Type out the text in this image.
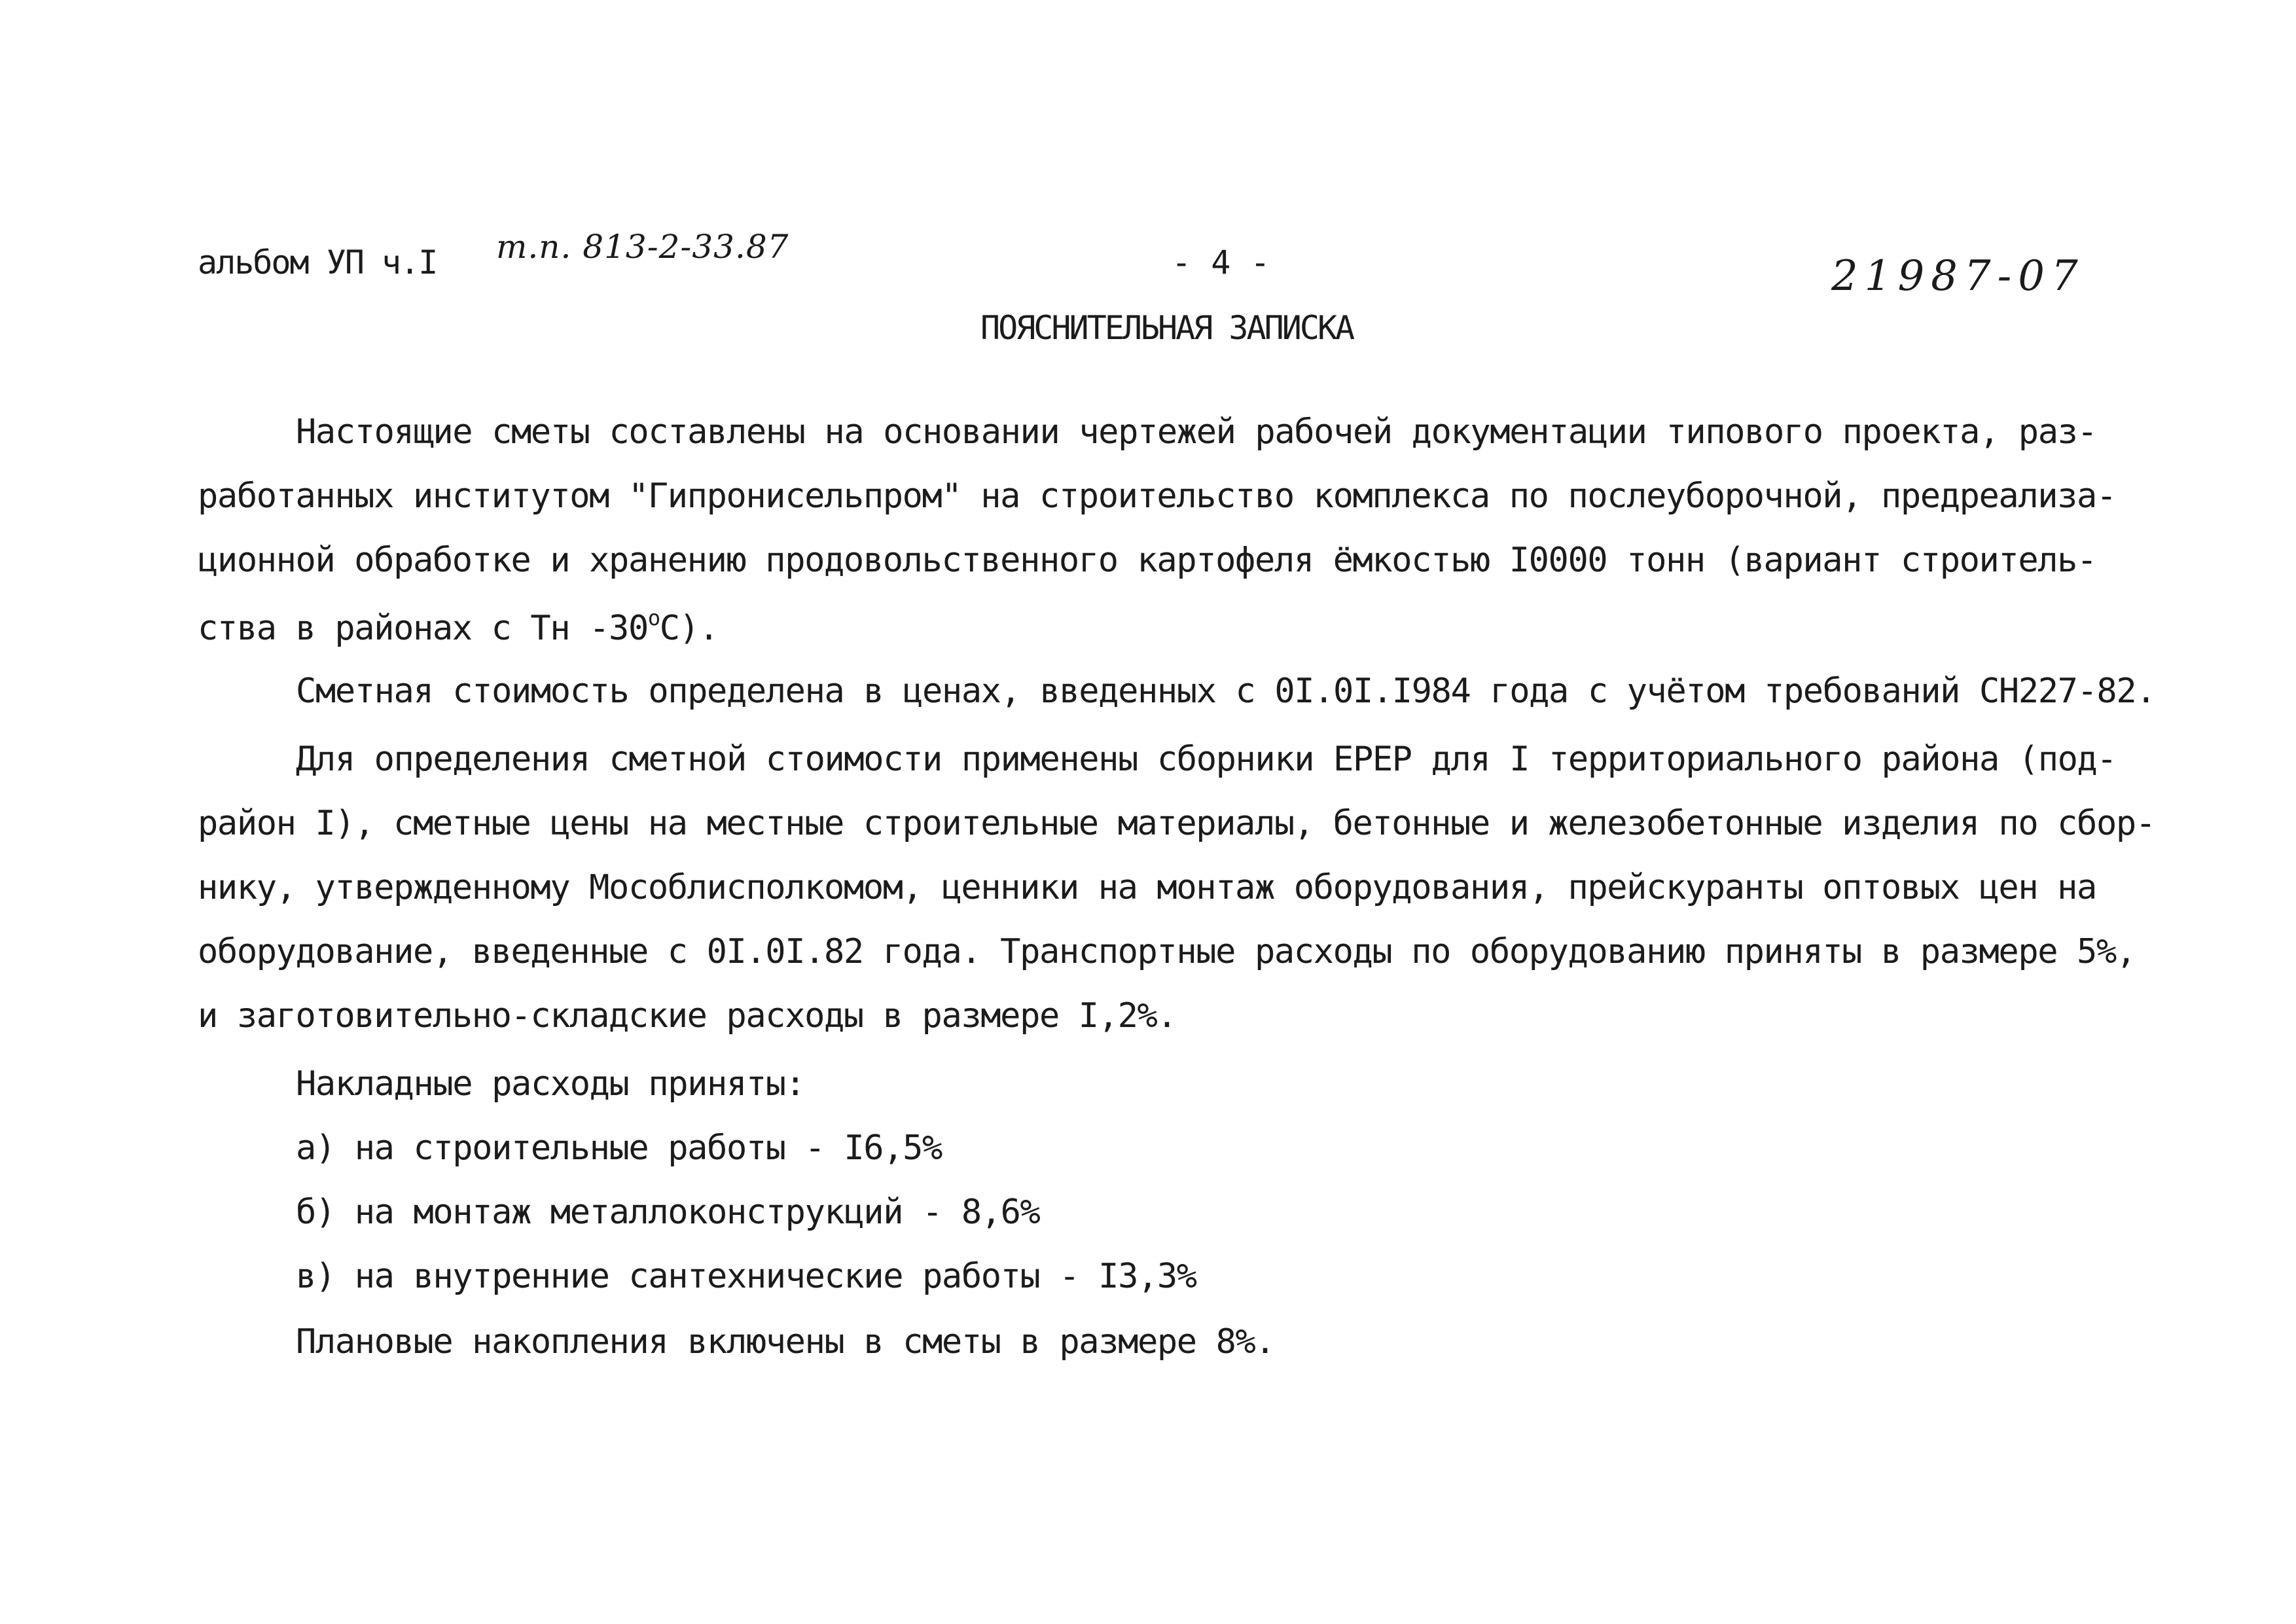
альбом УП ч.I т.п. 813-2-33.87	- 4 -	21987-07
ПОЯСНИТЕЛЬНАЯ ЗАПИСКА
Настоящие сметы составлены на основании чертежей рабочей документации типового проекта, раз-
работанных институтом "Гипронисельпром" на строительство комплекса по послеуборочной, предреализа-
ционной обработке и хранению продовольственного картофеля ёмкостью I0000 тонн (вариант строитель-
ства в районах с Тн $-30^оС$).
Сметная стоимость определена в ценах, введенных с 0I.0I.I984 года с учётом требований СН227-82.
Для определения сметной стоимости применены сборники ЕРЕР для I территориального района (под-
район I), сметные цены на местные строительные материалы, бетонные и железобетонные изделия по сбор-
нику, утвержденному Мособлисполкомом, ценники на монтаж оборудования, прейскуранты оптовых цен на
оборудование, введенные с 0I.0I.82 года. Транспортные расходы по оборудованию приняты в размере 5%,
и заготовительно-складские расходы в размере I,2%.
Накладные расходы приняты:
а) на строительные работы - I6,5%
б) на монтаж металлоконструкций - 8,6%
в) на внутренние сантехнические работы - I3,3%
Плановые накопления включены в сметы в размере 8%.
